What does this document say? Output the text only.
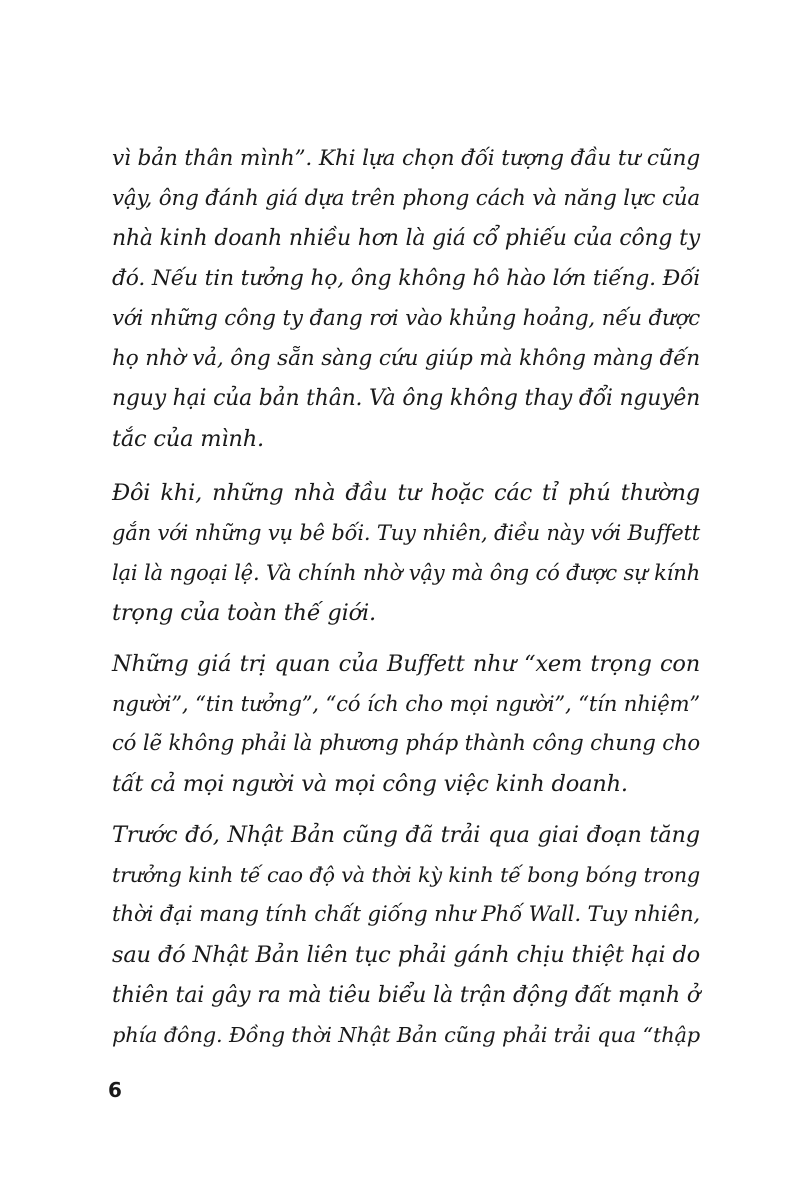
vì bản thân mình”. Khi lựa chọn đối tượng đầu tư cũng
vậy, ông đánh giá dựa trên phong cách và năng lực của
nhà kinh doanh nhiều hơn là giá cổ phiếu của công ty
đó. Nếu tin tưởng họ, ông không hô hào lớn tiếng. Đối
với những công ty đang rơi vào khủng hoảng, nếu được
họ nhờ vả, ông sẵn sàng cứu giúp mà không màng đến
nguy hại của bản thân. Và ông không thay đổi nguyên
tắc của mình.
Đôi khi, những nhà đầu tư hoặc các tỉ phú thường
gắn với những vụ bê bối. Tuy nhiên, điều này với Buffett
lại là ngoại lệ. Và chính nhờ vậy mà ông có được sự kính
trọng của toàn thế giới.
Những giá trị quan của Buffett như “xem trọng con
người”, “tin tưởng”, “có ích cho mọi người”, “tín nhiệm”
có lẽ không phải là phương pháp thành công chung cho
tất cả mọi người và mọi công việc kinh doanh.
Trước đó, Nhật Bản cũng đã trải qua giai đoạn tăng
trưởng kinh tế cao độ và thời kỳ kinh tế bong bóng trong
thời đại mang tính chất giống như Phố Wall. Tuy nhiên,
sau đó Nhật Bản liên tục phải gánh chịu thiệt hại do
thiên tai gây ra mà tiêu biểu là trận động đất mạnh ở
phía đông. Đồng thời Nhật Bản cũng phải trải qua “thập
6
